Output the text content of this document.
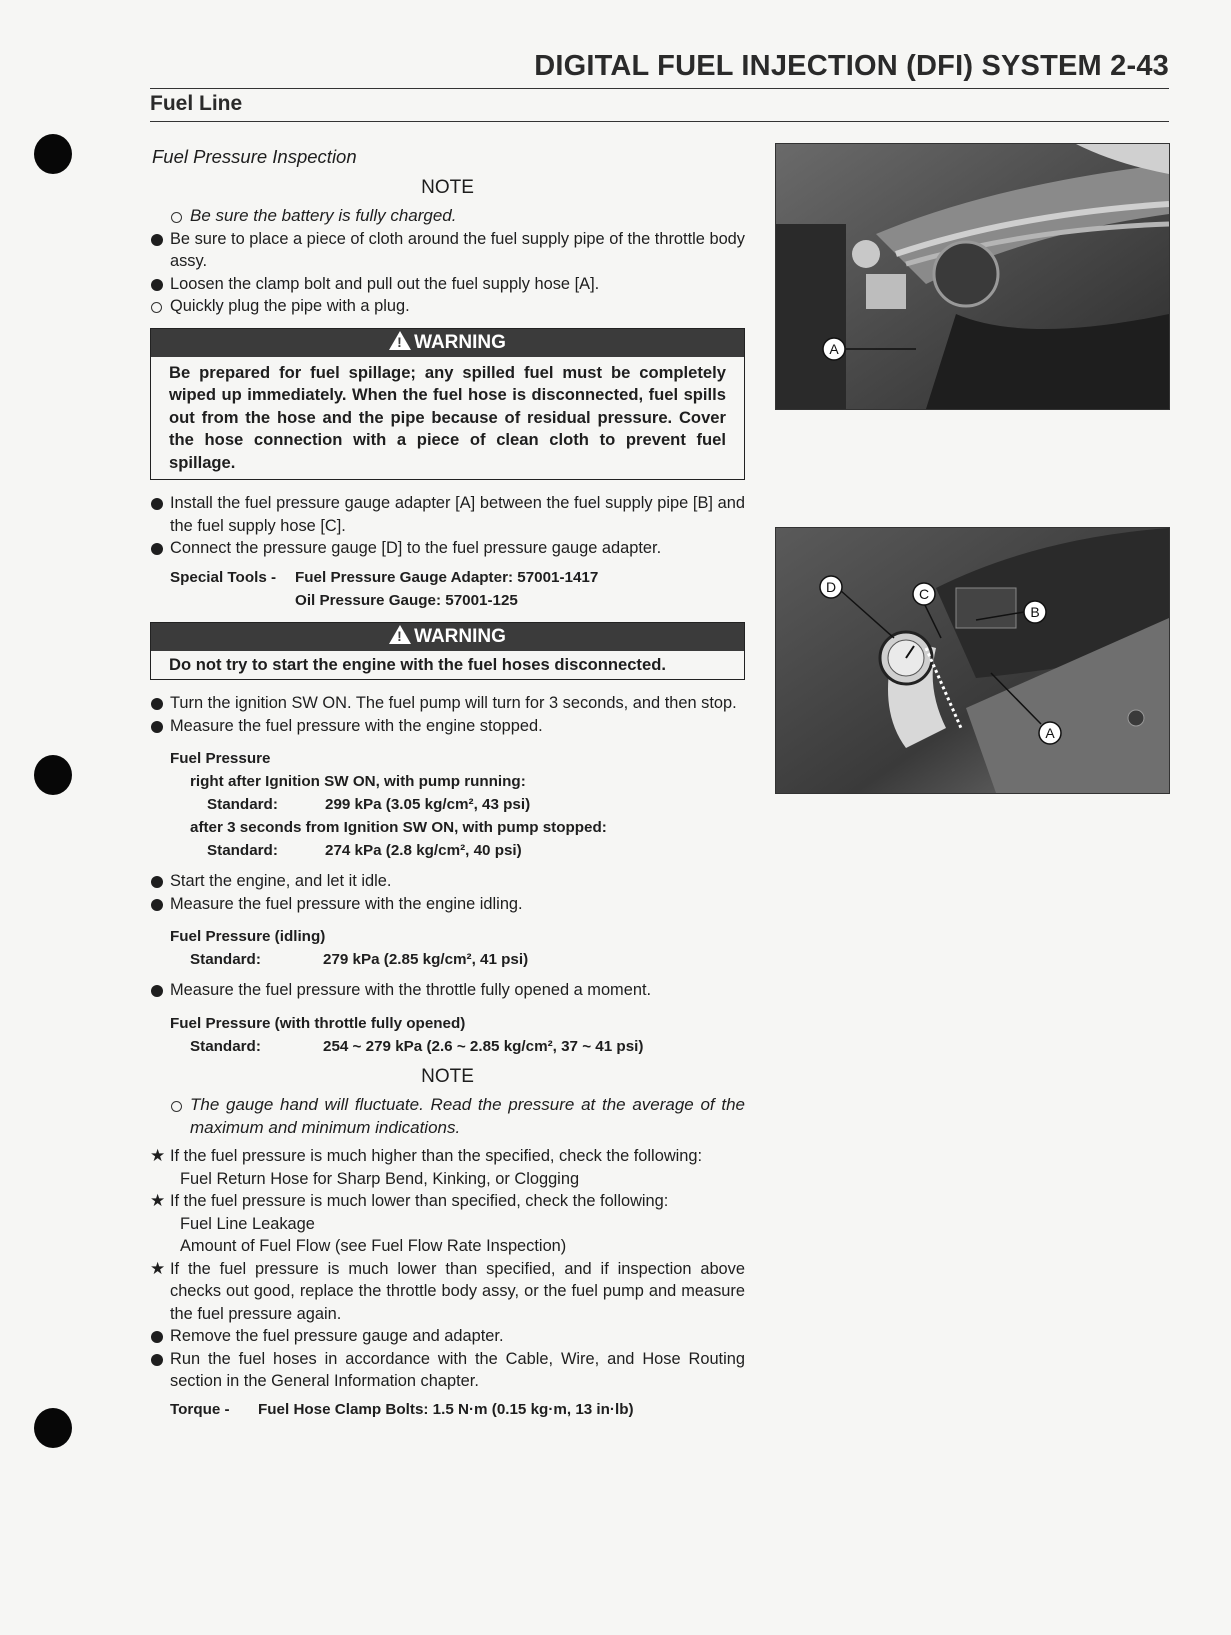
DIGITAL FUEL INJECTION (DFI) SYSTEM 2-43
Fuel Line
Fuel Pressure Inspection
NOTE
Be sure the battery is fully charged.
Be sure to place a piece of cloth around the fuel supply pipe of the throttle body assy.
Loosen the clamp bolt and pull out the fuel supply hose [A].
Quickly plug the pipe with a plug.
! WARNING
Be prepared for fuel spillage; any spilled fuel must be completely wiped up immediately. When the fuel hose is disconnected, fuel spills out from the hose and the pipe because of residual pressure. Cover the hose connection with a piece of clean cloth to prevent fuel spillage.
Install the fuel pressure gauge adapter [A] between the fuel supply pipe [B] and the fuel supply hose [C].
Connect the pressure gauge [D] to the fuel pressure gauge adapter.
Special Tools -	Fuel Pressure Gauge Adapter: 57001-1417
Oil Pressure Gauge: 57001-125
! WARNING
Do not try to start the engine with the fuel hoses disconnected.
Turn the ignition SW ON. The fuel pump will turn for 3 seconds, and then stop.
Measure the fuel pressure with the engine stopped.
Fuel Pressure
right after Ignition SW ON, with pump running:
Standard:	299 kPa (3.05 kg/cm², 43 psi)
after 3 seconds from Ignition SW ON, with pump stopped:
Standard:	274 kPa (2.8 kg/cm², 40 psi)
Start the engine, and let it idle.
Measure the fuel pressure with the engine idling.
Fuel Pressure (idling)
Standard:	279 kPa (2.85 kg/cm², 41 psi)
Measure the fuel pressure with the throttle fully opened a moment.
Fuel Pressure (with throttle fully opened)
Standard:	254 ~ 279 kPa (2.6 ~ 2.85 kg/cm², 37 ~ 41 psi)
NOTE
The gauge hand will fluctuate. Read the pressure at the average of the maximum and minimum indications.
★ If the fuel pressure is much higher than the specified, check the following:
Fuel Return Hose for Sharp Bend, Kinking, or Clogging
★ If the fuel pressure is much lower than specified, check the following:
Fuel Line Leakage
Amount of Fuel Flow (see Fuel Flow Rate Inspection)
★ If the fuel pressure is much lower than specified, and if inspection above checks out good, replace the throttle body assy, or the fuel pump and measure the fuel pressure again.
Remove the fuel pressure gauge and adapter.
Run the fuel hoses in accordance with the Cable, Wire, and Hose Routing section in the General Information chapter.
Torque -	Fuel Hose Clamp Bolts: 1.5 N·m (0.15 kg·m, 13 in·lb)
A
D	C
B
A
